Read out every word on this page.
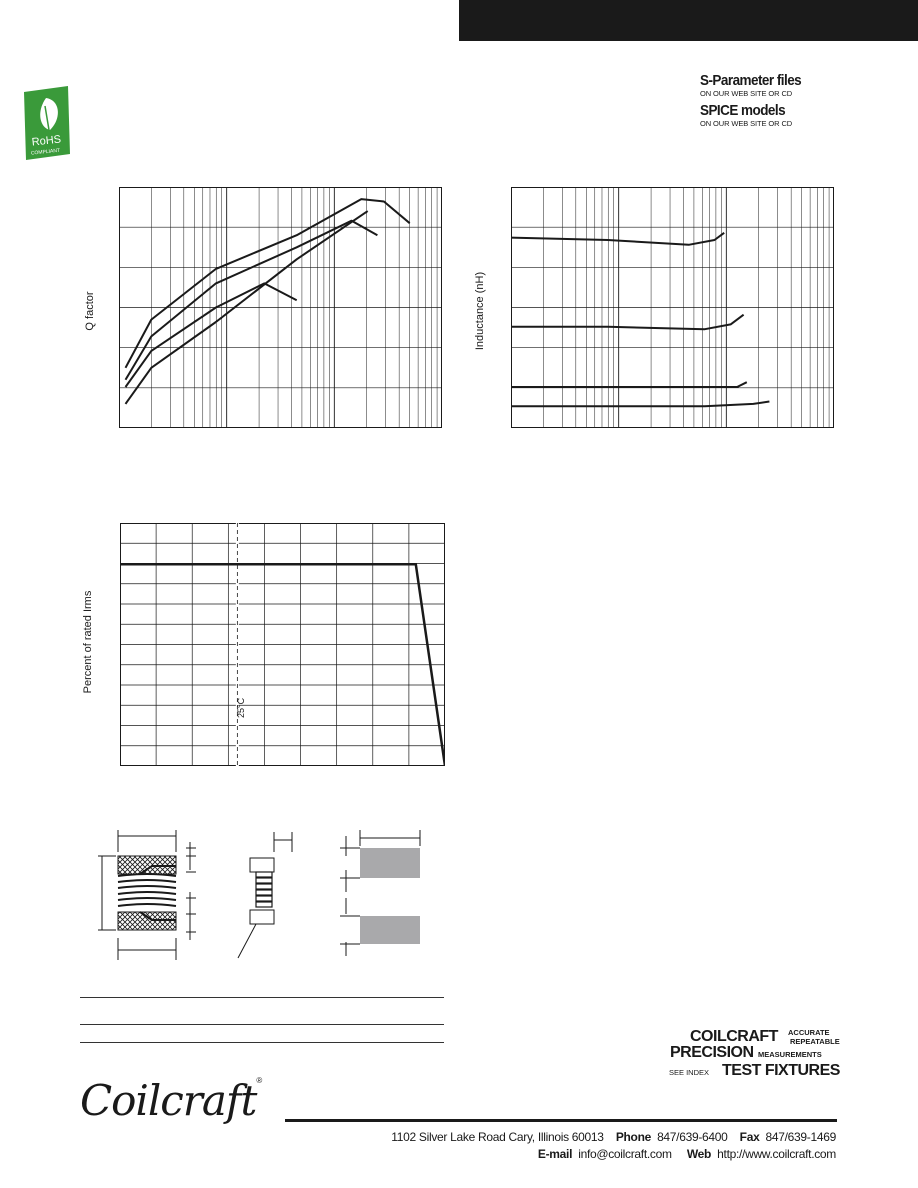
RoHS
COMPLIANT
S-Parameter files
ON OUR WEB SITE OR CD
SPICE models
ON OUR WEB SITE OR CD
Q factor	Inductance (nH)
Percent of rated Irms
25°C
COILCRAFT ACCURATE
REPEATABLE
PRECISION MEASUREMENTS
SEE INDEX TEST FIXTURES
Coilcraft®
1102 Silver Lake Road Cary, Illinois 60013 Phone 847/639-6400 Fax 847/639-1469
E-mail info@coilcraft.com Web http://www.coilcraft.com
